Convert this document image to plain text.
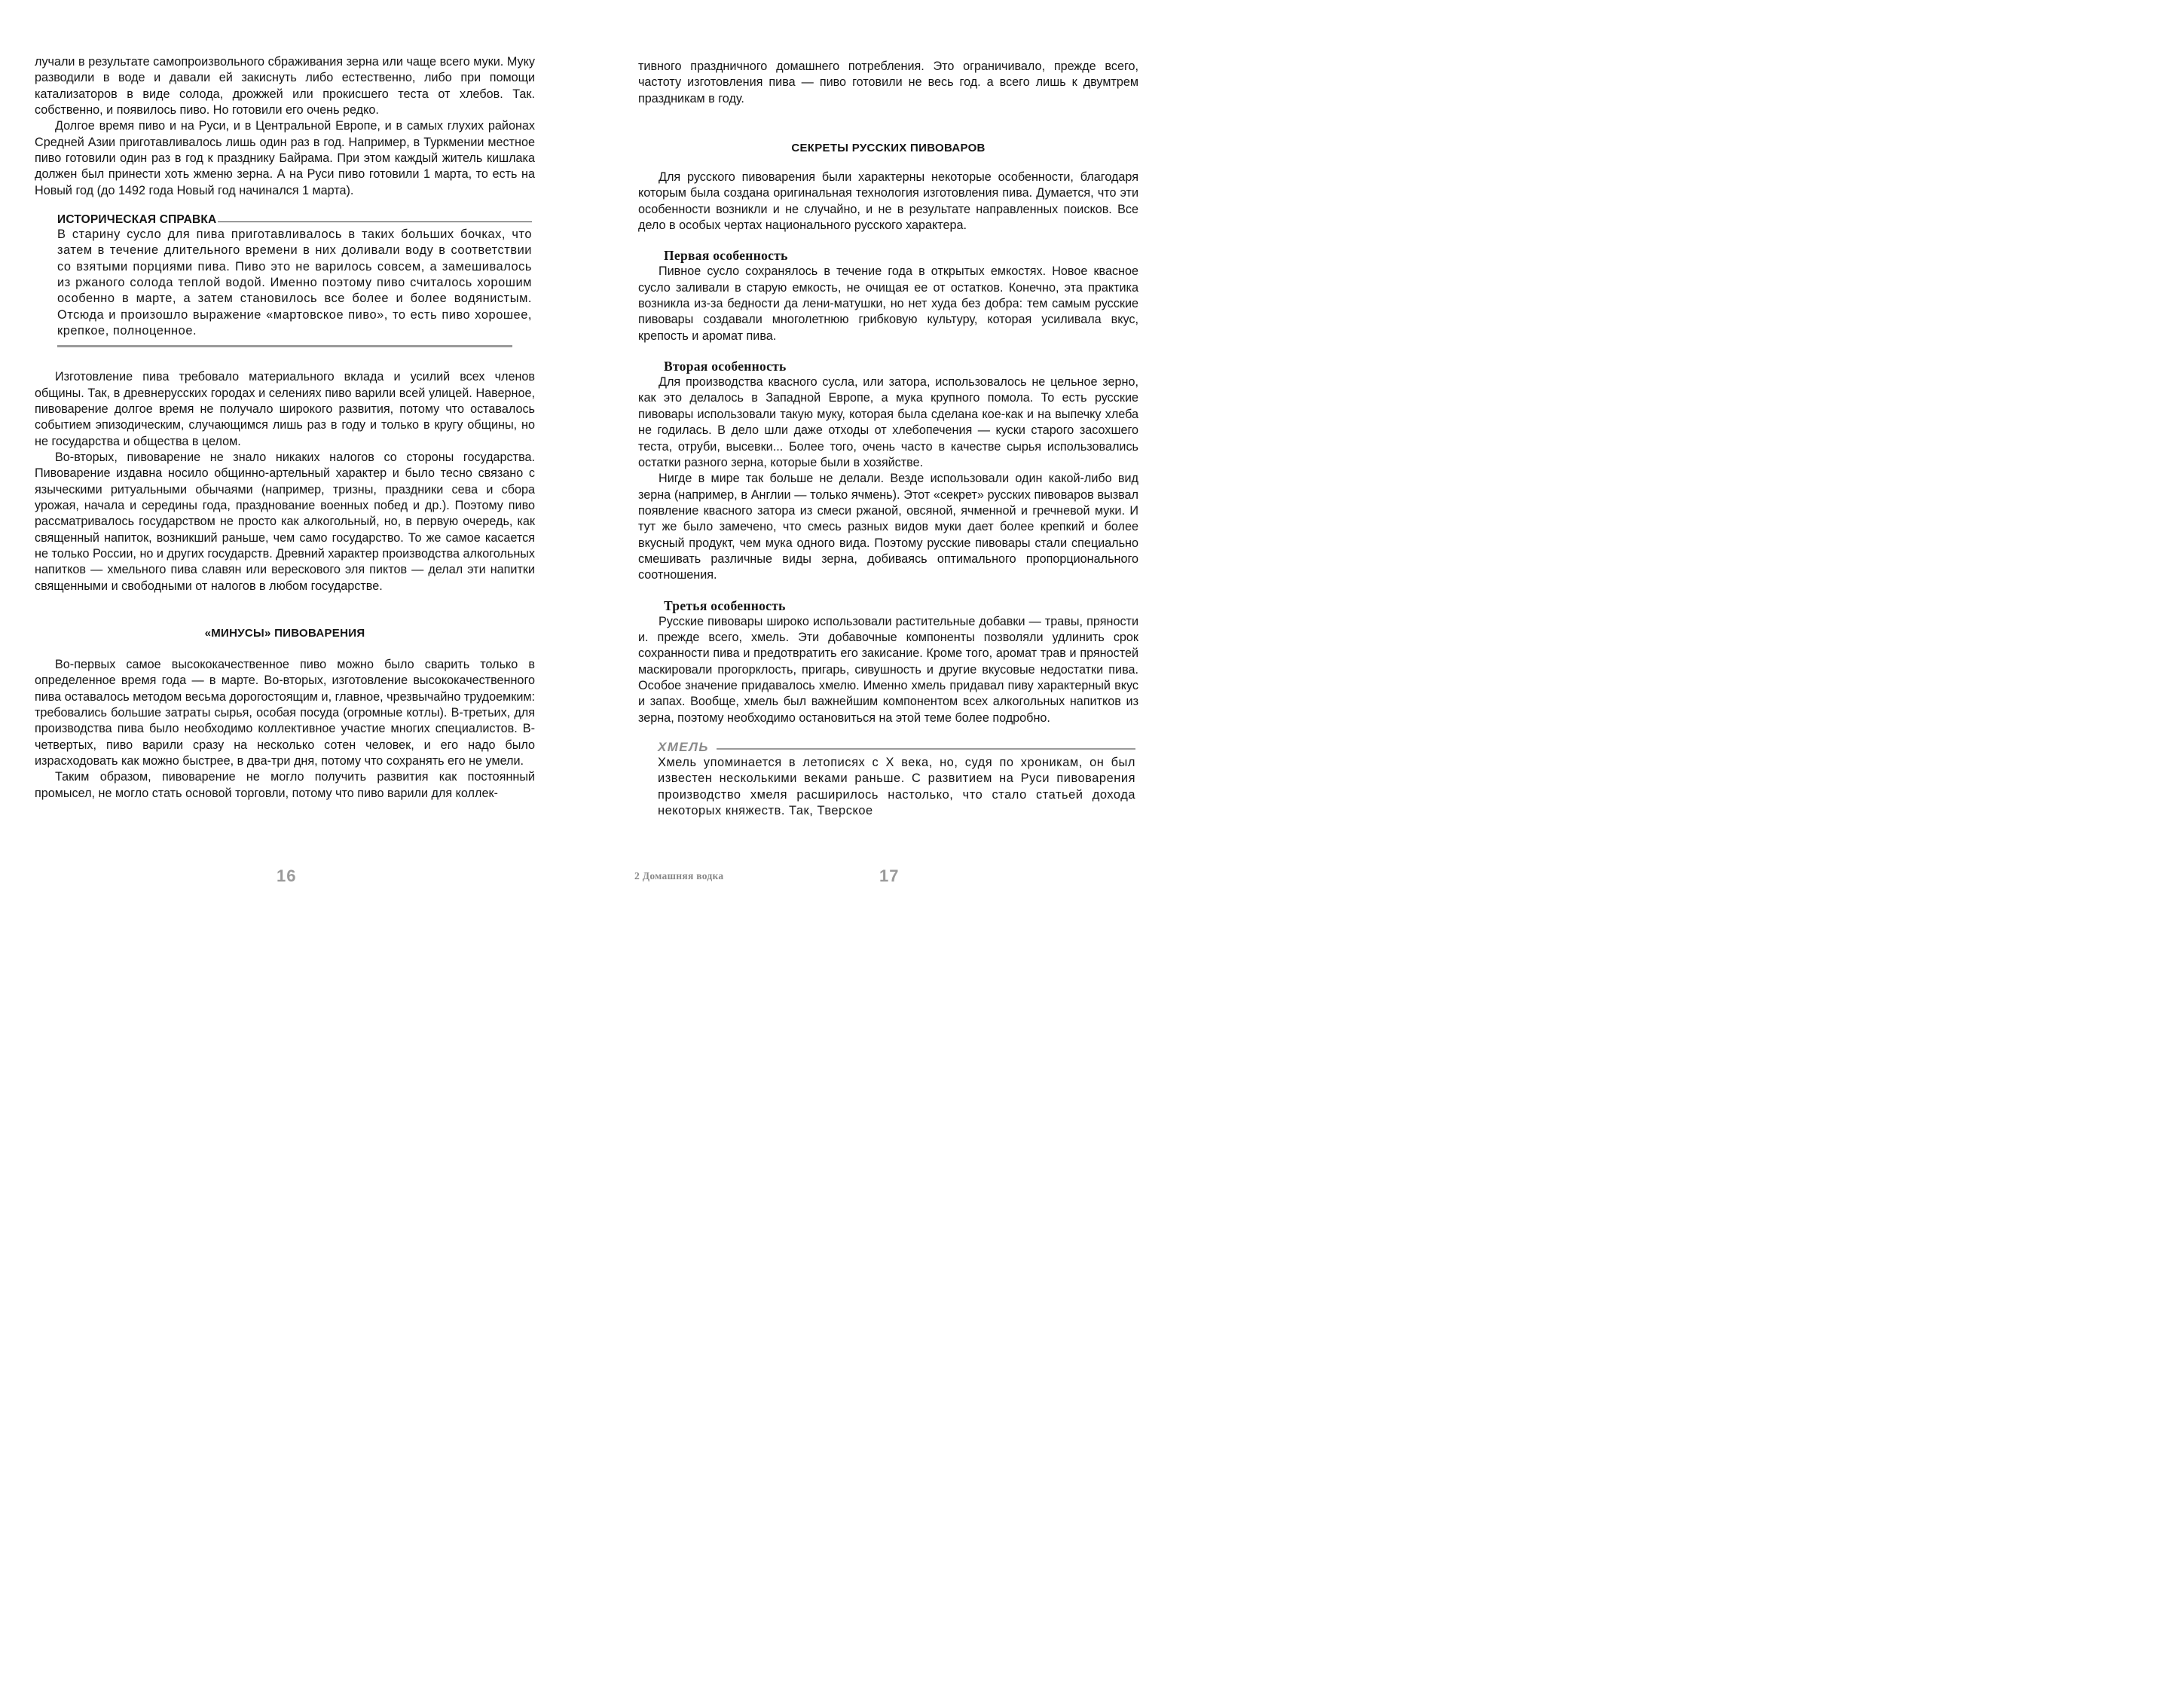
лучали в результате самопроизвольного сбраживания зерна или чаще всего муки. Муку разводили в воде и давали ей закиснуть либо естественно, либо при помощи катализаторов в виде солода, дрожжей или прокисшего теста от хлебов. Так. собственно, и появилось пиво. Но готовили его очень редко.

Долгое время пиво и на Руси, и в Центральной Европе, и в самых глухих районах Средней Азии приготавливалось лишь один раз в год. Например, в Туркмении местное пиво готовили один раз в год к празднику Байрама. При этом каждый житель кишлака должен был принести хоть жменю зерна. А на Руси пиво готовили 1 марта, то есть на Новый год (до 1492 года Новый год начинался 1 марта).

ИСТОРИЧЕСКАЯ СПРАВКА

В старину сусло для пива приготавливалось в таких больших бочках, что затем в течение длительного времени в них доливали воду в соответствии со взятыми порциями пива. Пиво это не варилось совсем, а замешивалось из ржаного солода теплой водой. Именно поэтому пиво считалось хорошим особенно в марте, а затем становилось все более и более водянистым. Отсюда и произошло выражение «мартовское пиво», то есть пиво хорошее, крепкое, полноценное.

Изготовление пива требовало материального вклада и усилий всех членов общины. Так, в древнерусских городах и селениях пиво варили всей улицей. Наверное, пивоварение долгое время не получало широкого развития, потому что оставалось событием эпизодическим, случающимся лишь раз в году и только в кругу общины, но не государства и общества в целом.

Во-вторых, пивоварение не знало никаких налогов со стороны государства. Пивоварение издавна носило общинно-артельный характер и было тесно связано с языческими ритуальными обычаями (например, тризны, праздники сева и сбора урожая, начала и середины года, празднование военных побед и др.). Поэтому пиво рассматривалось государством не просто как алкогольный, но, в первую очередь, как священный напиток, возникший раньше, чем само государство. То же самое касается не только России, но и других государств. Древний характер производства алкогольных напитков — хмельного пива славян или верескового эля пиктов — делал эти напитки священными и свободными от налогов в любом государстве.

«МИНУСЫ» ПИВОВАРЕНИЯ

Во-первых самое высококачественное пиво можно было сварить только в определенное время года — в марте. Во-вторых, изготовление высококачественного пива оставалось методом весьма дорогостоящим и, главное, чрезвычайно трудоемким: требовались большие затраты сырья, особая посуда (огромные котлы). В-третьих, для производства пива было необходимо коллективное участие многих специалистов. В-четвертых, пиво варили сразу на несколько сотен человек, и его надо было израсходовать как можно быстрее, в два-три дня, потому что сохранять его не умели.

Таким образом, пивоварение не могло получить развития как постоянный промысел, не могло стать основой торговли, потому что пиво варили для коллек-

16

тивного праздничного домашнего потребления. Это ограничивало, прежде всего, частоту изготовления пива — пиво готовили не весь год. а всего лишь к двумтрем праздникам в году.

СЕКРЕТЫ РУССКИХ ПИВОВАРОВ

Для русского пивоварения были характерны некоторые особенности, благодаря которым была создана оригинальная технология изготовления пива. Думается, что эти особенности возникли и не случайно, и не в результате направленных поисков. Все дело в особых чертах национального русского характера.

Первая особенность

Пивное сусло сохранялось в течение года в открытых емкостях. Новое квасное сусло заливали в старую емкость, не очищая ее от остатков. Конечно, эта практика возникла из-за бедности да лени-матушки, но нет худа без добра: тем самым русские пивовары создавали многолетнюю грибковую культуру, которая усиливала вкус, крепость и аромат пива.

Вторая особенность

Для производства квасного сусла, или затора, использовалось не цельное зерно, как это делалось в Западной Европе, а мука крупного помола. То есть русские пивовары использовали такую муку, которая была сделана кое-как и на выпечку хлеба не годилась. В дело шли даже отходы от хлебопечения — куски старого засохшего теста, отруби, высевки... Более того, очень часто в качестве сырья использовались остатки разного зерна, которые были в хозяйстве.

Нигде в мире так больше не делали. Везде использовали один какой-либо вид зерна (например, в Англии — только ячмень). Этот «секрет» русских пивоваров вызвал появление квасного затора из смеси ржаной, овсяной, ячменной и гречневой муки. И тут же было замечено, что смесь разных видов муки дает более крепкий и более вкусный продукт, чем мука одного вида. Поэтому русские пивовары стали специально смешивать различные виды зерна, добиваясь оптимального пропорционального соотношения.

Третья особенность

Русские пивовары широко использовали растительные добавки — травы, пряности и. прежде всего, хмель. Эти добавочные компоненты позволяли удлинить срок сохранности пива и предотвратить его закисание. Кроме того, аромат трав и пряностей маскировали прогорклость, пригарь, сивушность и другие вкусовые недостатки пива. Особое значение придавалось хмелю. Именно хмель придавал пиву характерный вкус и запах. Вообще, хмель был важнейшим компонентом всех алкогольных напитков из зерна, поэтому необходимо остановиться на этой теме более подробно.

ХМЕЛЬ

Хмель упоминается в летописях с X века, но, судя по хроникам, он был известен несколькими веками раньше. С развитием на Руси пивоварения производство хмеля расширилось настолько, что стало статьей дохода некоторых княжеств. Так, Тверское

2 Домашняя водка	17
